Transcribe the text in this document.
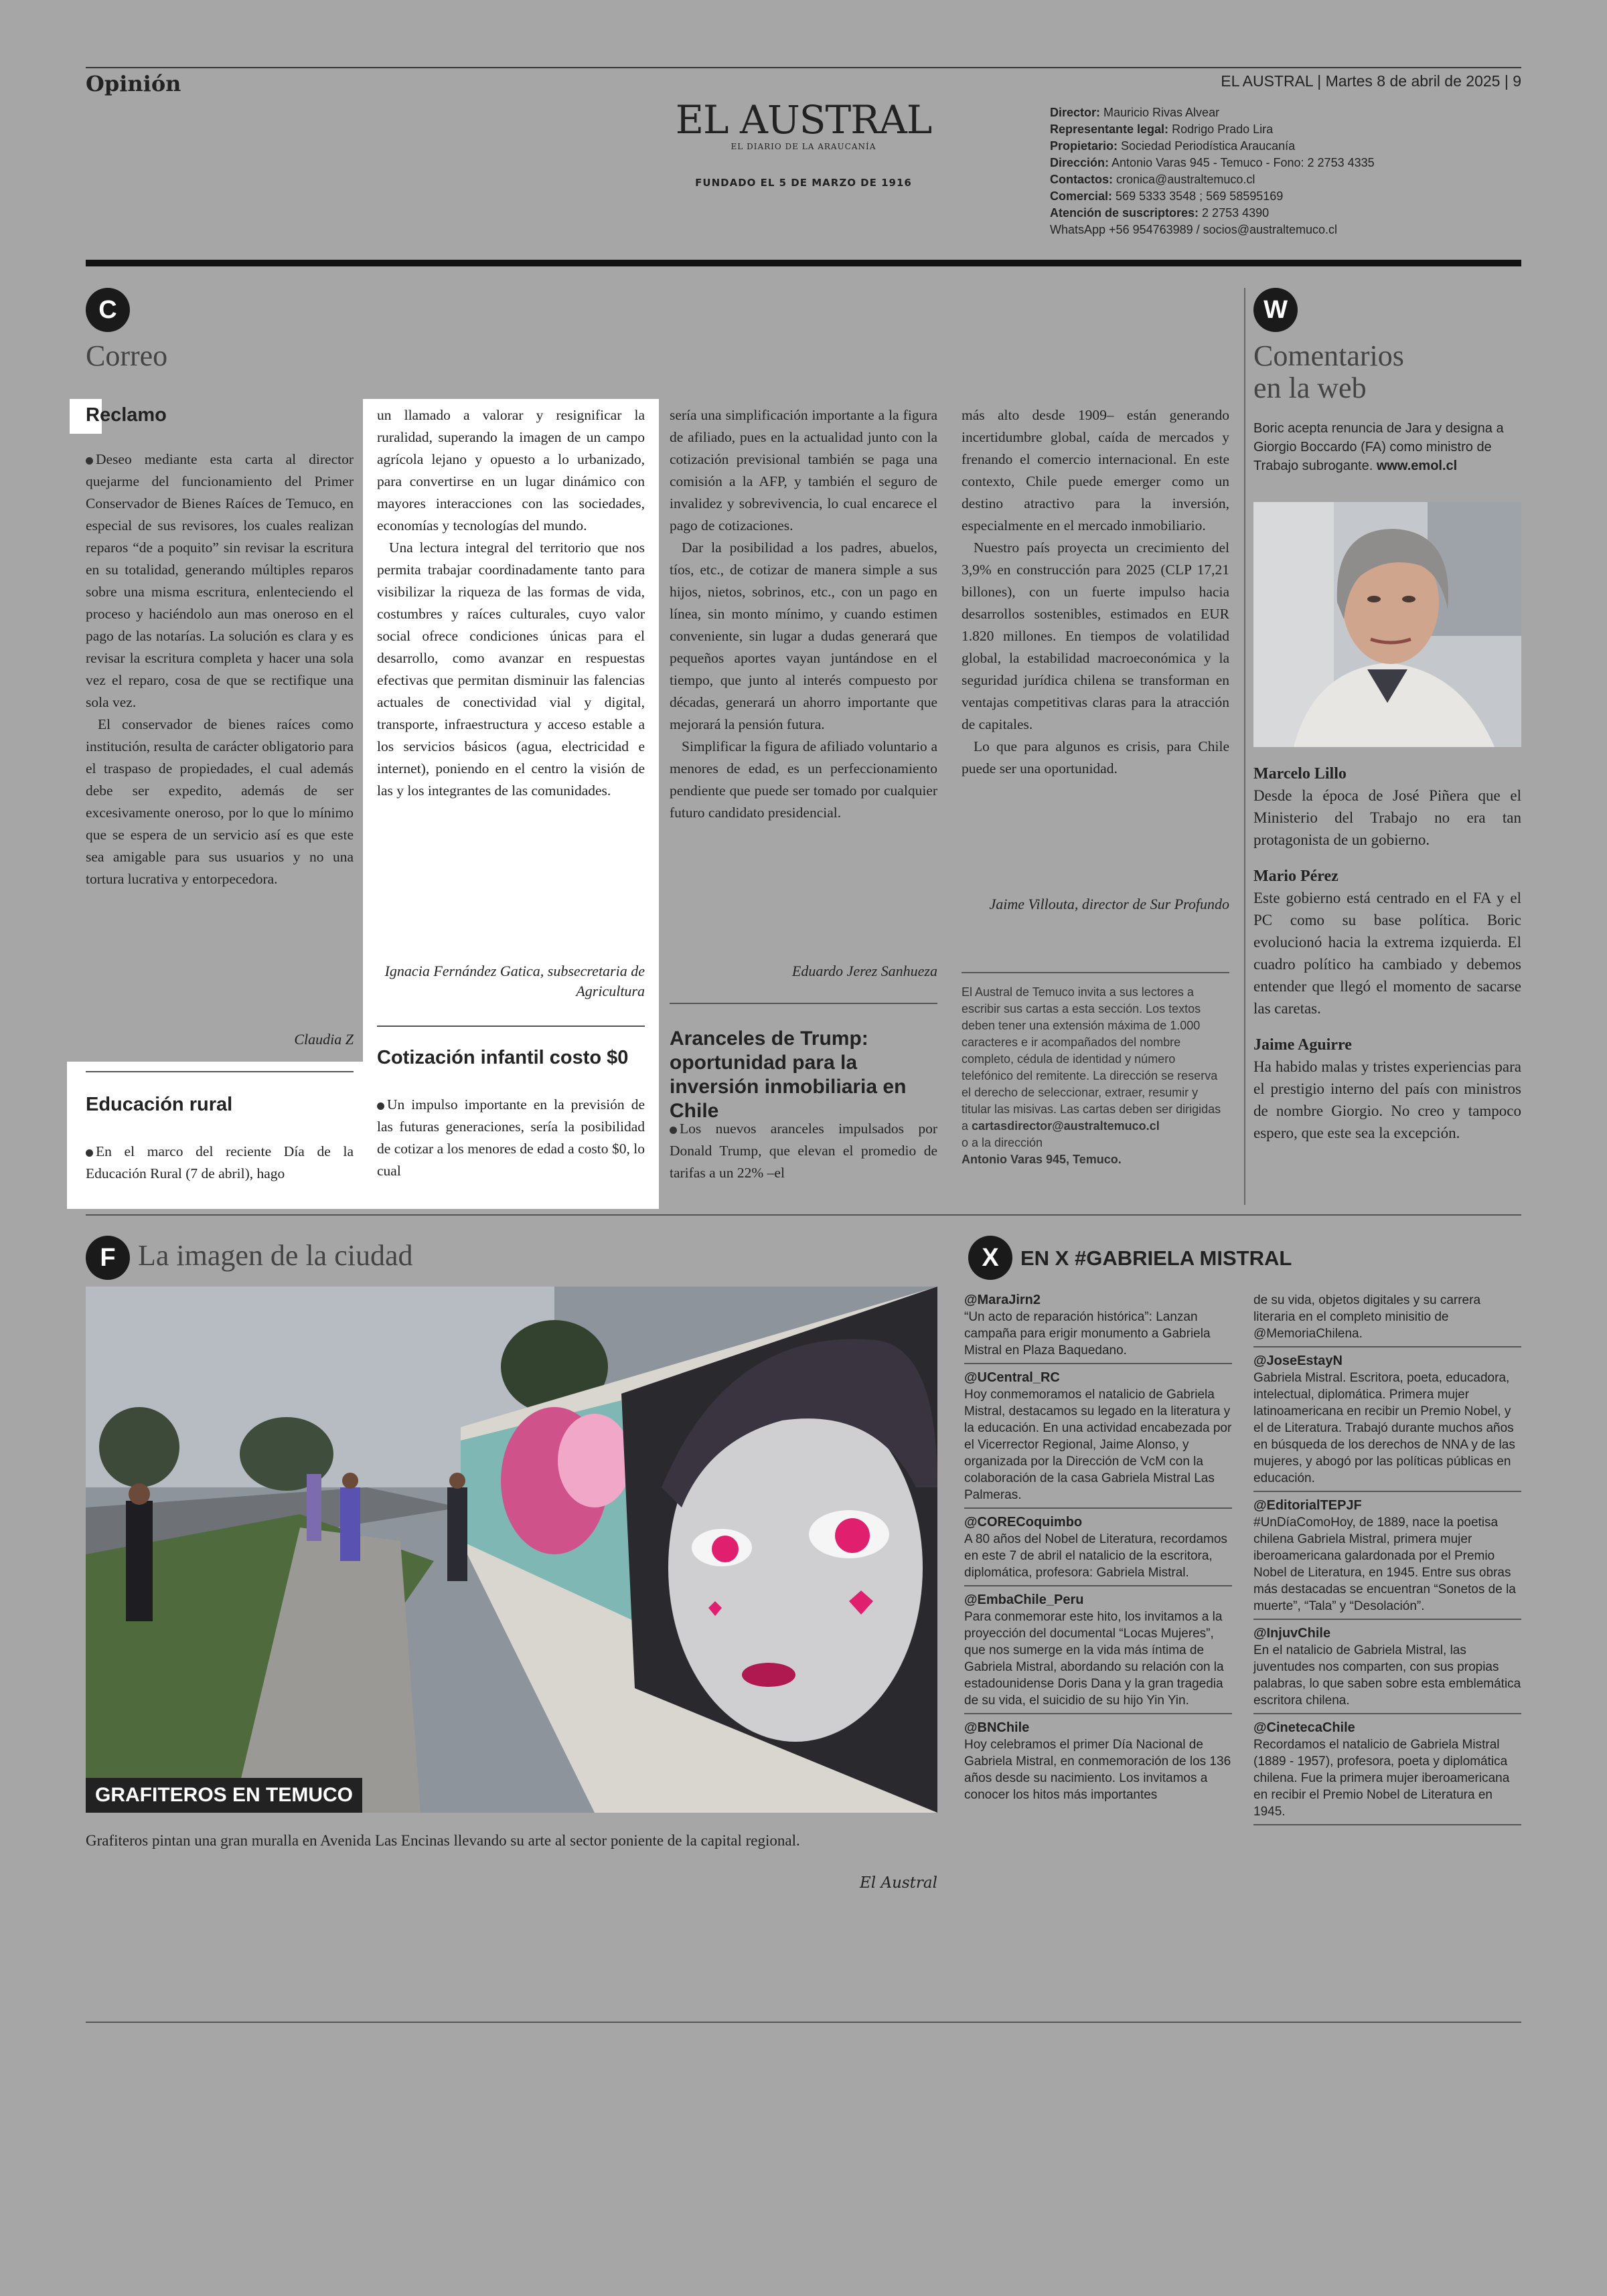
Opinión	EL AUSTRAL | Martes 8 de abril de 2025 | 9
EL AUSTRAL
EL DIARIO DE LA ARAUCANÍA
FUNDADO EL 5 DE MARZO DE 1916
Director: Mauricio Rivas Alvear
Representante legal: Rodrigo Prado Lira
Propietario: Sociedad Periodística Araucanía
Dirección: Antonio Varas 945 - Temuco - Fono: 2 2753 4335
Contactos: cronica@australtemuco.cl
Comercial: 569 5333 3548 ; 569 58595169
Atención de suscriptores: 2 2753 4390
WhatsApp +56 954763989 / socios@australtemuco.cl
C
Correo
Reclamo

Deseo mediante esta carta al director quejarme del funcionamiento del Primer Conservador de Bienes Raíces de Temuco, en especial de sus revisores, los cuales realizan reparos “de a poquito” sin revisar la escritura en su totalidad, generando múltiples reparos sobre una misma escritura, enlenteciendo el proceso y haciéndolo aun mas oneroso en el pago de las notarías. La solución es clara y es revisar la escritura completa y hacer una sola vez el reparo, cosa de que se rectifique una sola vez.

El conservador de bienes raíces como institución, resulta de carácter obligatorio para el traspaso de propiedades, el cual además debe ser expedito, además de ser excesivamente oneroso, por lo que lo mínimo que se espera de un servicio así es que este sea amigable para sus usuarios y no una tortura lucrativa y entorpecedora.

Claudia Z
Educación rural

En el marco del reciente Día de la Educación Rural (7 de abril), hago

un llamado a valorar y resignificar la ruralidad, superando la imagen de un campo agrícola lejano y opuesto a lo urbanizado, para convertirse en un lugar dinámico con mayores interacciones con las sociedades, economías y tecnologías del mundo.

Una lectura integral del territorio que nos permita trabajar coordinadamente tanto para visibilizar la riqueza de las formas de vida, costumbres y raíces culturales, cuyo valor social ofrece condiciones únicas para el desarrollo, como avanzar en respuestas efectivas que permitan disminuir las falencias actuales de conectividad vial y digital, transporte, infraestructura y acceso estable a los servicios básicos (agua, electricidad e internet), poniendo en el centro la visión de las y los integrantes de las comunidades.

Ignacia Fernández Gatica, subsecretaria de Agricultura
Cotización infantil costo $0

Un impulso importante en la previsión de las futuras generaciones, sería la posibilidad de cotizar a los menores de edad a costo $0, lo cual

sería una simplificación importante a la figura de afiliado, pues en la actualidad junto con la cotización previsional también se paga una comisión a la AFP, y también el seguro de invalidez y sobrevivencia, lo cual encarece el pago de cotizaciones.

Dar la posibilidad a los padres, abuelos, tíos, etc., de cotizar de manera simple a sus hijos, nietos, sobrinos, etc., con un pago en línea, sin monto mínimo, y cuando estimen conveniente, sin lugar a dudas generará que pequeños aportes vayan juntándose en el tiempo, que junto al interés compuesto por décadas, generará un ahorro importante que mejorará la pensión futura.

Simplificar la figura de afiliado voluntario a menores de edad, es un perfeccionamiento pendiente que puede ser tomado por cualquier futuro candidato presidencial.

Eduardo Jerez Sanhueza
Aranceles de Trump: oportunidad para la inversión inmobiliaria en Chile

Los nuevos aranceles impulsados por Donald Trump, que elevan el promedio de tarifas a un 22% –el

más alto desde 1909– están generando incertidumbre global, caída de mercados y frenando el comercio internacional. En este contexto, Chile puede emerger como un destino atractivo para la inversión, especialmente en el mercado inmobiliario.

Nuestro país proyecta un crecimiento del 3,9% en construcción para 2025 (CLP 17,21 billones), con un fuerte impulso hacia desarrollos sostenibles, estimados en EUR 1.820 millones. En tiempos de volatilidad global, la estabilidad macroeconómica y la seguridad jurídica chilena se transforman en ventajas competitivas claras para la atracción de capitales.

Lo que para algunos es crisis, para Chile puede ser una oportunidad.

Jaime Villouta, director de Sur Profundo
El Austral de Temuco invita a sus lectores a escribir sus cartas a esta sección. Los textos deben tener una extensión máxima de 1.000 caracteres e ir acompañados del nombre completo, cédula de identidad y número telefónico del remitente. La dirección se reserva el derecho de seleccionar, extraer, resumir y titular las misivas. Las cartas deben ser dirigidas a cartasdirector@australtemuco.cl
o a la dirección
Antonio Varas 945, Temuco.
W
Comentarios
en la web
Boric acepta renuncia de Jara y designa a Giorgio Boccardo (FA) como ministro de Trabajo subrogante. www.emol.cl
Marcelo Lillo
Desde la época de José Piñera que el Ministerio del Trabajo no era tan protagonista de un gobierno.
Mario Pérez
Este gobierno está centrado en el FA y el PC como su base política. Boric evolucionó hacia la extrema izquierda. El cuadro político ha cambiado y debemos entender que llegó el momento de sacarse las caretas.
Jaime Aguirre
Ha habido malas y tristes experiencias para el prestigio interno del país con ministros de nombre Giorgio. No creo y tampoco espero, que este sea la excepción.
F La imagen de la ciudad
GRAFITEROS EN TEMUCO
Grafiteros pintan una gran muralla en Avenida Las Encinas llevando su arte al sector poniente de la capital regional.
El Austral
X	EN X #GABRIELA MISTRAL
@MaraJirn2
“Un acto de reparación histórica”: Lanzan campaña para erigir monumento a Gabriela Mistral en Plaza Baquedano.
@UCentral_RC
Hoy conmemoramos el natalicio de Gabriela Mistral, destacamos su legado en la literatura y la educación. En una actividad encabezada por el Vicerrector Regional, Jaime Alonso, y organizada por la Dirección de VcM con la colaboración de la casa Gabriela Mistral Las Palmeras.
@CORECoquimbo
A 80 años del Nobel de Literatura, recordamos en este 7 de abril el natalicio de la escritora, diplomática, profesora: Gabriela Mistral.
@EmbaChile_Peru
Para conmemorar este hito, los invitamos a la proyección del documental “Locas Mujeres”, que nos sumerge en la vida más íntima de Gabriela Mistral, abordando su relación con la estadounidense Doris Dana y la gran tragedia de su vida, el suicidio de su hijo Yin Yin.
@BNChile
Hoy celebramos el primer Día Nacional de Gabriela Mistral, en conmemoración de los 136 años desde su nacimiento. Los invitamos a conocer los hitos más importantes
de su vida, objetos digitales y su carrera literaria en el completo minisitio de @MemoriaChilena.
@JoseEstayN
Gabriela Mistral. Escritora, poeta, educadora, intelectual, diplomática. Primera mujer latinoamericana en recibir un Premio Nobel, y el de Literatura. Trabajó durante muchos años en búsqueda de los derechos de NNA y de las mujeres, y abogó por las políticas públicas en educación.
@EditorialTEPJF
#UnDíaComoHoy, de 1889, nace la poetisa chilena Gabriela Mistral, primera mujer iberoamericana galardonada por el Premio Nobel de Literatura, en 1945. Entre sus obras más destacadas se encuentran “Sonetos de la muerte”, “Tala” y “Desolación”.
@InjuvChile
En el natalicio de Gabriela Mistral, las juventudes nos comparten, con sus propias palabras, lo que saben sobre esta emblemática escritora chilena.
@CinetecaChile
Recordamos el natalicio de Gabriela Mistral (1889 - 1957), profesora, poeta y diplomática chilena. Fue la primera mujer iberoamericana en recibir el Premio Nobel de Literatura en 1945.
